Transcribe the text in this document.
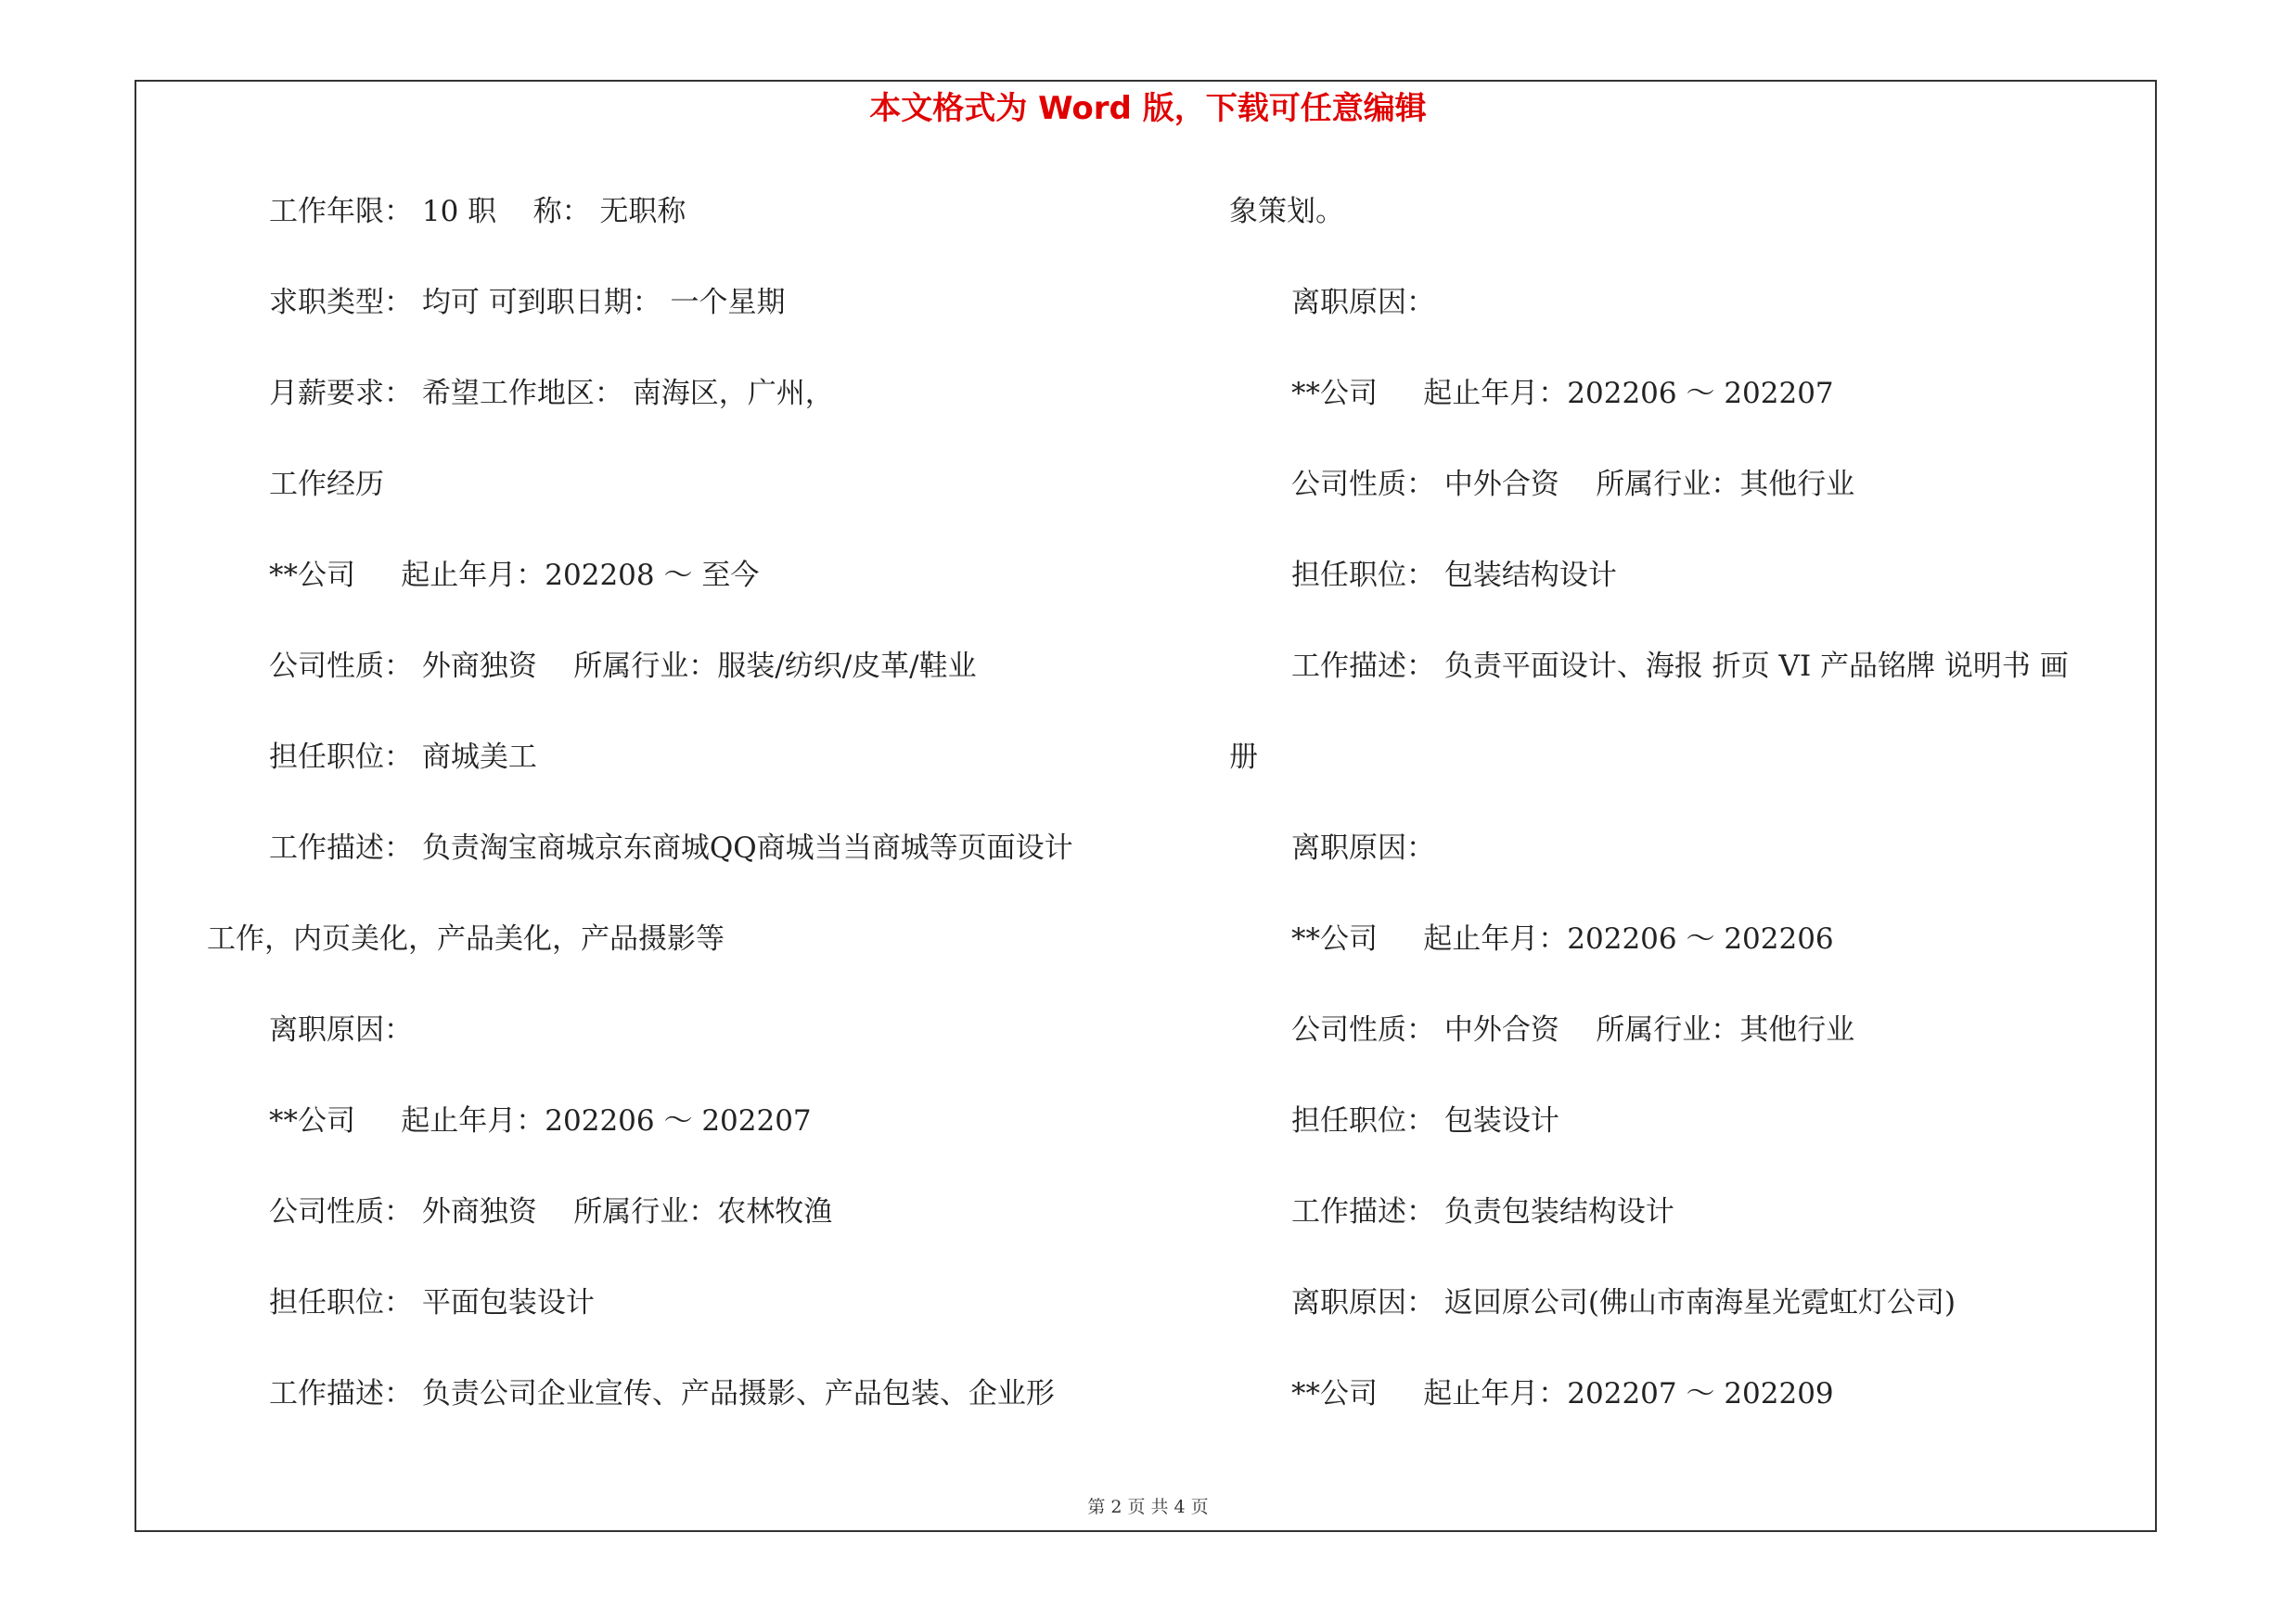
本文格式为 Word 版，下载可任意编辑
工作年限： 10 职    称： 无职称
求职类型： 均可 可到职日期： 一个星期
月薪要求： 希望工作地区： 南海区，广州，
工作经历
**公司     起止年月：202208 ～ 至今
公司性质： 外商独资    所属行业：服装/纺织/皮革/鞋业
担任职位： 商城美工
工作描述： 负责淘宝商城京东商城QQ商城当当商城等页面设计
工作，内页美化，产品美化，产品摄影等
离职原因：
**公司     起止年月：202206 ～ 202207
公司性质： 外商独资    所属行业：农林牧渔
担任职位： 平面包装设计
工作描述： 负责公司企业宣传、产品摄影、产品包装、企业形
象策划。
离职原因：
**公司     起止年月：202206 ～ 202207
公司性质： 中外合资    所属行业：其他行业
担任职位： 包装结构设计
工作描述： 负责平面设计、海报 折页 VI 产品铭牌 说明书 画
册
离职原因：
**公司     起止年月：202206 ～ 202206
公司性质： 中外合资    所属行业：其他行业
担任职位： 包装设计
工作描述： 负责包装结构设计
离职原因： 返回原公司(佛山市南海星光霓虹灯公司)
**公司     起止年月：202207 ～ 202209
第 2 页 共 4 页
